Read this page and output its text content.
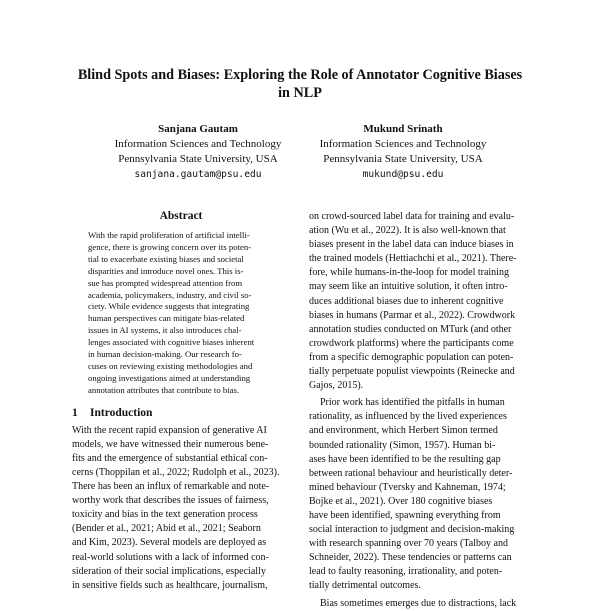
Blind Spots and Biases: Exploring the Role of Annotator Cognitive Biases
in NLP
Sanjana Gautam
Information Sciences and Technology
Pennsylvania State University, USA
sanjana.gautam@psu.edu
Mukund Srinath
Information Sciences and Technology
Pennsylvania State University, USA
mukund@psu.edu
Abstract
With the rapid proliferation of artificial intelli-
gence, there is growing concern over its poten-
tial to exacerbate existing biases and societal
disparities and introduce novel ones. This is-
sue has prompted widespread attention from
academia, policymakers, industry, and civil so-
ciety. While evidence suggests that integrating
human perspectives can mitigate bias-related
issues in AI systems, it also introduces chal-
lenges associated with cognitive biases inherent
in human decision-making. Our research fo-
cuses on reviewing existing methodologies and
ongoing investigations aimed at understanding
annotation attributes that contribute to bias.
1 Introduction
With the recent rapid expansion of generative AI
models, we have witnessed their numerous bene-
fits and the emergence of substantial ethical con-
cerns (Thoppilan et al., 2022; Rudolph et al., 2023).
There has been an influx of remarkable and note-
worthy work that describes the issues of fairness,
toxicity and bias in the text generation process
(Bender et al., 2021; Abid et al., 2021; Seaborn
and Kim, 2023). Several models are deployed as
real-world solutions with a lack of informed con-
sideration of their social implications, especially
in sensitive fields such as healthcare, journalism,
on crowd-sourced label data for training and evalu-
ation (Wu et al., 2022). It is also well-known that
biases present in the label data can induce biases in
the trained models (Hettiachchi et al., 2021). There-
fore, while humans-in-the-loop for model training
may seem like an intuitive solution, it often intro-
duces additional biases due to inherent cognitive
biases in humans (Parmar et al., 2022). Crowdwork
annotation studies conducted on MTurk (and other
crowdwork platforms) where the participants come
from a specific demographic population can poten-
tially perpetuate populist viewpoints (Reinecke and
Gajos, 2015).
Prior work has identified the pitfalls in human
rationality, as influenced by the lived experiences
and environment, which Herbert Simon termed
bounded rationality (Simon, 1957). Human bi-
ases have been identified to be the resulting gap
between rational behaviour and heuristically deter-
mined behaviour (Tversky and Kahneman, 1974;
Bojke et al., 2021). Over 180 cognitive biases
have been identified, spawning everything from
social interaction to judgment and decision-making
with research spanning over 70 years (Talboy and
Schneider, 2022). These tendencies or patterns can
lead to faulty reasoning, irrationality, and poten-
tially detrimental outcomes.
Bias sometimes emerges due to distractions, lack
